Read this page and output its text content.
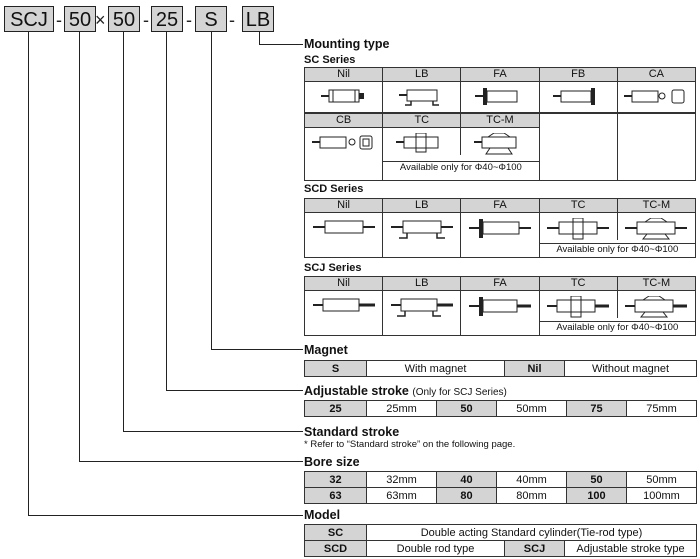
SCJ - 50 × 50 - 25 - S - LB
Mounting type
SC Series
Nil	LB	FA	FB	CA

CB	TC	TC-M		

Available only for Φ40~Φ100			
SCD Series
Nil	LB	FA	TC	TC-M

Available only for Φ40~Φ100	
SCJ Series
Nil	LB	FA	TC	TC-M

Available only for Φ40~Φ100	
Magnet
S	With magnet	Nil	Without magnet
Adjustable stroke (Only for SCJ Series)
25	25mm	50	50mm	75	75mm
Standard stroke
* Refer to “Standard stroke” on the following page.
Bore size
32	32mm	40	40mm	50	50mm
63	63mm	80	80mm	100	100mm
Model
SC	Double acting Standard cylinder(Tie-rod type)		
SCD	Double rod type	SCJ	Adjustable stroke type
